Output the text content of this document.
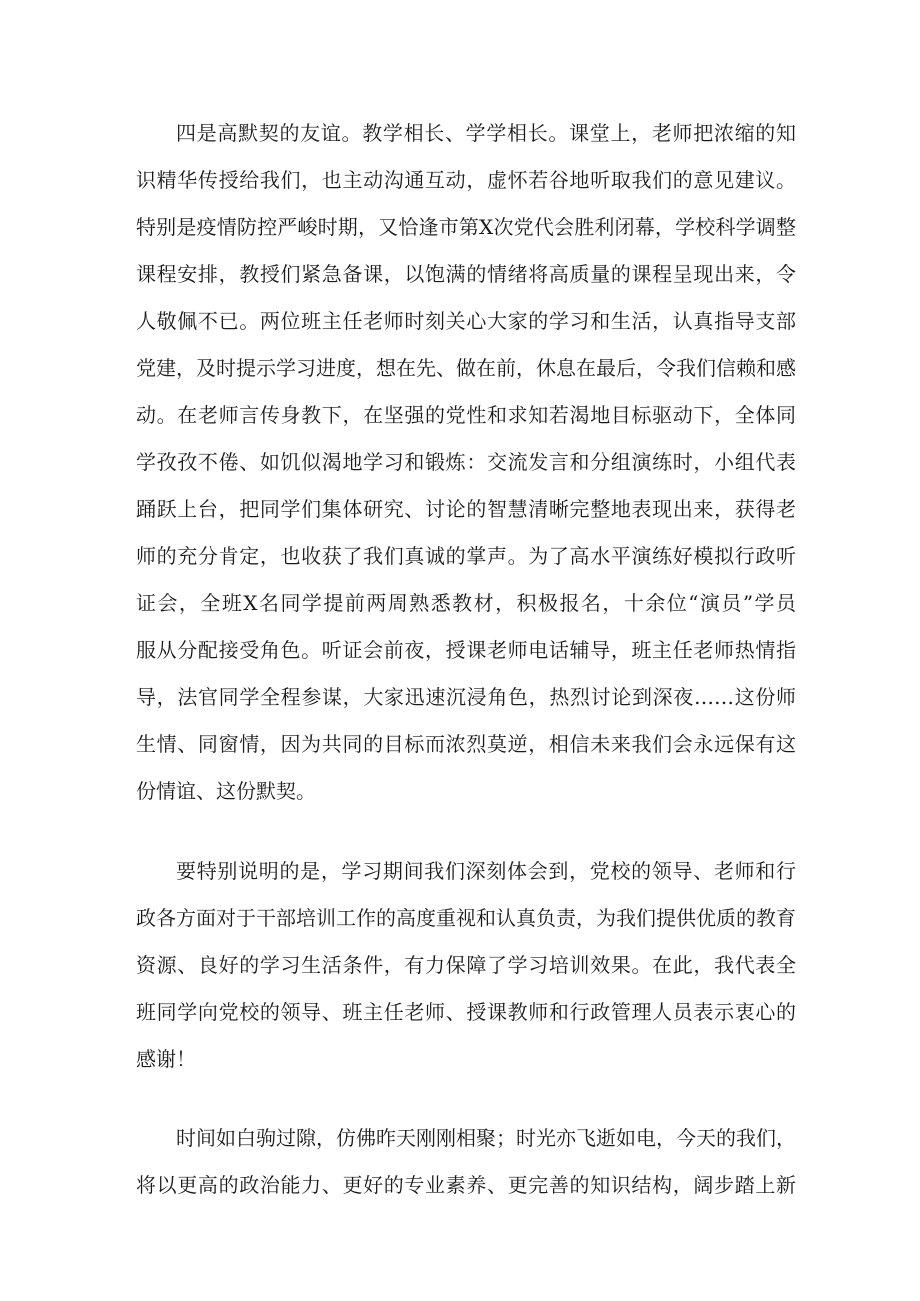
四是高默契的友谊。教学相长、学学相长。课堂上，老师把浓缩的知
识精华传授给我们，也主动沟通互动，虚怀若谷地听取我们的意见建议。
特别是疫情防控严峻时期，又恰逢市第X次党代会胜利闭幕，学校科学调整
课程安排，教授们紧急备课，以饱满的情绪将高质量的课程呈现出来，令
人敬佩不已。两位班主任老师时刻关心大家的学习和生活，认真指导支部
党建，及时提示学习进度，想在先、做在前，休息在最后，令我们信赖和感
动。在老师言传身教下，在坚强的党性和求知若渴地目标驱动下，全体同
学孜孜不倦、如饥似渴地学习和锻炼：交流发言和分组演练时，小组代表
踊跃上台，把同学们集体研究、讨论的智慧清晰完整地表现出来，获得老
师的充分肯定，也收获了我们真诚的掌声。为了高水平演练好模拟行政听
证会，全班X名同学提前两周熟悉教材，积极报名，十余位“演员”学员
服从分配接受角色。听证会前夜，授课老师电话辅导，班主任老师热情指
导，法官同学全程参谋，大家迅速沉浸角色，热烈讨论到深夜……这份师
生情、同窗情，因为共同的目标而浓烈莫逆，相信未来我们会永远保有这
份情谊、这份默契。
要特别说明的是，学习期间我们深刻体会到，党校的领导、老师和行
政各方面对于干部培训工作的高度重视和认真负责，为我们提供优质的教育
资源、良好的学习生活条件，有力保障了学习培训效果。在此，我代表全
班同学向党校的领导、班主任老师、授课教师和行政管理人员表示衷心的
感谢！
时间如白驹过隙，仿佛昨天刚刚相聚；时光亦飞逝如电，今天的我们，
将以更高的政治能力、更好的专业素养、更完善的知识结构，阔步踏上新
